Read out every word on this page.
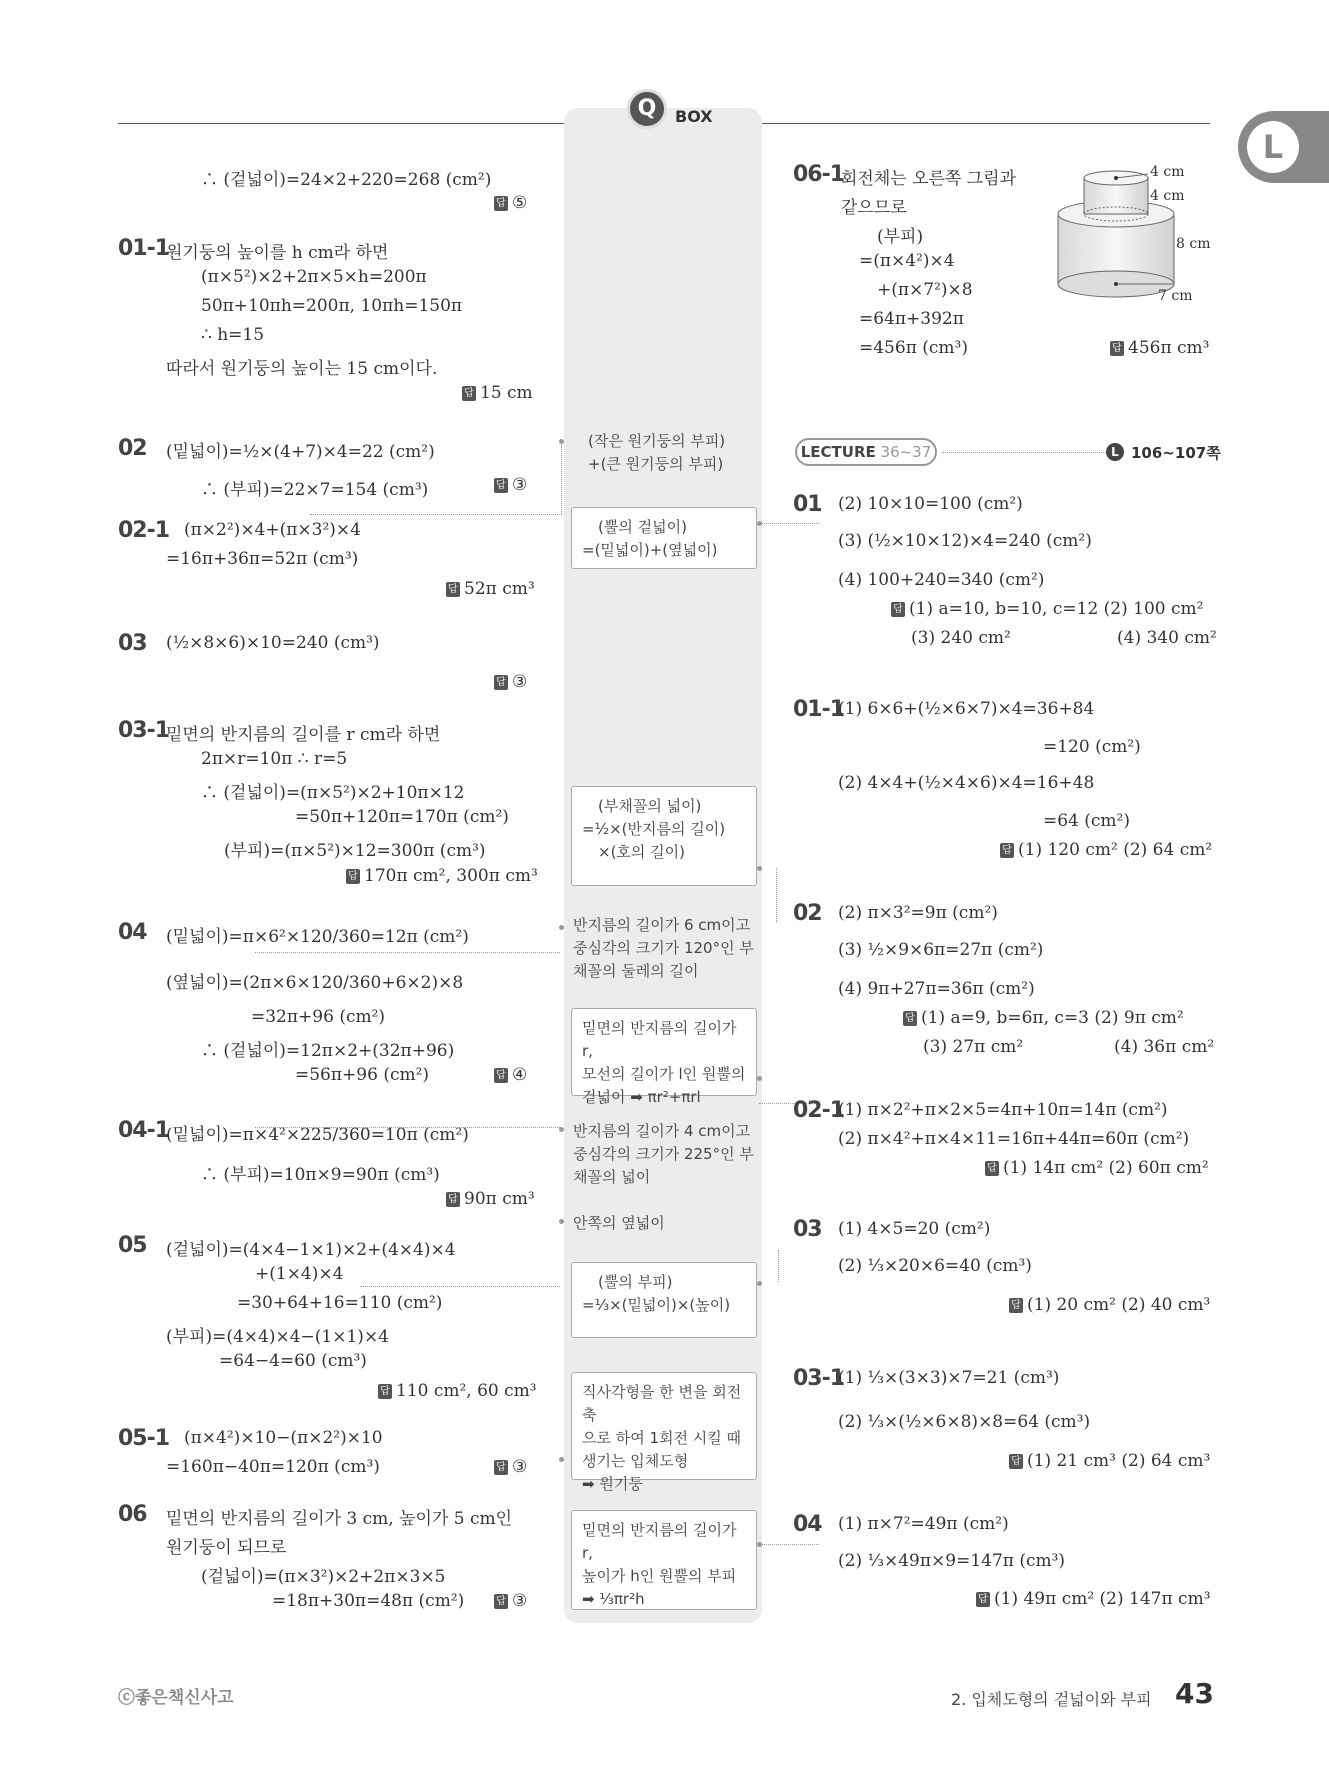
Q	BOX
L
∴ (겉넓이)=24×2+220=268 (cm²)
답 ⑤
01-1
원기둥의 높이를 h cm라 하면
(π×5²)×2+2π×5×h=200π
50π+10πh=200π, 10πh=150π
∴ h=15
따라서 원기둥의 높이는 15 cm이다.
답 15 cm
02 (밑넓이)=½×(4+7)×4=22 (cm²)
∴ (부피)=22×7=154 (cm³)	답 ③
02-1 (π×2²)×4+(π×3²)×4
=16π+36π=52π (cm³)
답 52π cm³
03 (½×8×6)×10=240 (cm³)
답 ③
03-1
밑면의 반지름의 길이를 r cm라 하면
2π×r=10π ∴ r=5
∴ (겉넓이)=(π×5²)×2+10π×12
=50π+120π=170π (cm²)
(부피)=(π×5²)×12=300π (cm³)
답 170π cm², 300π cm³
04 (밑넓이)=π×6²×120/360=12π (cm²)
(옆넓이)=(2π×6×120/360+6×2)×8
=32π+96 (cm²)
∴ (겉넓이)=12π×2+(32π+96)
=56π+96 (cm²)	답 ④
04-1
(밑넓이)=π×4²×225/360=10π (cm²)
∴ (부피)=10π×9=90π (cm³)
답 90π cm³
05 (겉넓이)=(4×4−1×1)×2+(4×4)×4
+(1×4)×4
=30+64+16=110 (cm²)
(부피)=(4×4)×4−(1×1)×4
=64−4=60 (cm³)
답 110 cm², 60 cm³
05-1 (π×4²)×10−(π×2²)×10
=160π−40π=120π (cm³)	답 ③
06 밑면의 반지름의 길이가 3 cm, 높이가 5 cm인
원기둥이 되므로
(겉넓이)=(π×3²)×2+2π×3×5
=18π+30π=48π (cm²)	답 ③
(작은 원기둥의 부피)
+(큰 원기둥의 부피)
(뿔의 겉넓이)
=(밑넓이)+(옆넓이)
(부채꼴의 넓이)
=½×(반지름의 길이)
×(호의 길이)
반지름의 길이가 6 cm이고
중심각의 크기가 120°인 부
채꼴의 둘레의 길이
밑면의 반지름의 길이가 r,
모선의 길이가 l인 원뿔의
겉넓이 ➡ πr²+πrl
반지름의 길이가 4 cm이고
중심각의 크기가 225°인 부
채꼴의 넓이
안쪽의 옆넓이
(뿔의 부피)
=⅓×(밑넓이)×(높이)
직사각형을 한 변을 회전축
으로 하여 1회전 시킬 때
생기는 입체도형
➡ 원기둥
밑면의 반지름의 길이가 r,
높이가 h인 원뿔의 부피
➡ ⅓πr²h
06-1
회전체는 오른쪽 그림과
같으므로
(부피)
=(π×4²)×4
+(π×7²)×8
=64π+392π
=456π (cm³)	답 456π cm³
4 cm
4 cm
8 cm
7 cm
LECTURE 36~37	L 106~107쪽
01 (2) 10×10=100 (cm²)
(3) (½×10×12)×4=240 (cm²)
(4) 100+240=340 (cm²)
답 (1) a=10, b=10, c=12 (2) 100 cm²
(3) 240 cm²	(4) 340 cm²
01-1
(1) 6×6+(½×6×7)×4=36+84
=120 (cm²)
(2) 4×4+(½×4×6)×4=16+48
=64 (cm²)
답 (1) 120 cm² (2) 64 cm²
02 (2) π×3²=9π (cm²)
(3) ½×9×6π=27π (cm²)
(4) 9π+27π=36π (cm²)
답 (1) a=9, b=6π, c=3 (2) 9π cm²
(3) 27π cm²	(4) 36π cm²
02-1
(1) π×2²+π×2×5=4π+10π=14π (cm²)
(2) π×4²+π×4×11=16π+44π=60π (cm²)
답 (1) 14π cm² (2) 60π cm²
03 (1) 4×5=20 (cm²)
(2) ⅓×20×6=40 (cm³)
답 (1) 20 cm² (2) 40 cm³
03-1
(1) ⅓×(3×3)×7=21 (cm³)
(2) ⅓×(½×6×8)×8=64 (cm³)
답 (1) 21 cm³ (2) 64 cm³
04 (1) π×7²=49π (cm²)
(2) ⅓×49π×9=147π (cm³)
답 (1) 49π cm² (2) 147π cm³
ⓒ좋은책신사고	2. 입체도형의 겉넓이와 부피 43
